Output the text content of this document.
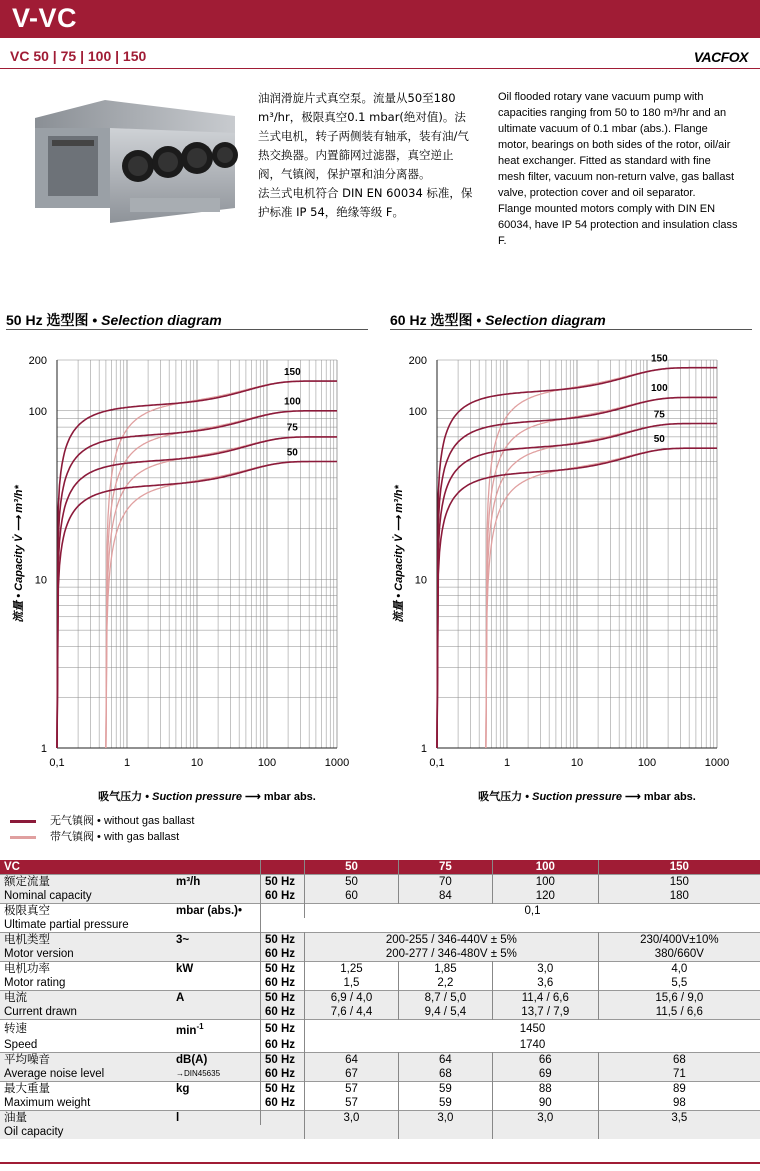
V-VC
VC 50 | 75 | 100 | 150	VACFOX

油润滑旋片式真空泵。流量从50至180 m³/hr，极限真空0.1 mbar(绝对值)。法兰式电机，转子两侧装有轴承，装有油/气热交换器。内置篩网过滤器，真空逆止阀，气镇阀，保护罩和油分离器。

法兰式电机符合 DIN EN 60034 标准，保护标准 IP 54，绝缘等级 F。

Oil flooded rotary vane vacuum pump with capacities ranging from 50 to 180 m³/hr and an ultimate vacuum of 0.1 mbar (abs.). Flange motor, bearings on both sides of the rotor, oil/air heat exchanger. Fitted as standard with fine mesh filter, vacuum non-return valve, gas ballast valve, protection cover and oil separator.

Flange mounted motors comply with DIN EN 60034, have IP 54 protection and insulation class F.

50 Hz 选型图 • Selection diagram	60 Hz 选型图 • Selection diagram
0,1	1	10	100	1000
1
10
100
200
流量 • Capacity V̇ ⟶ m³/h*
吸气压力 • Suction pressure ⟶ mbar abs.
150
100
75
50
0,1	1	10	100	1000
1
10
100
200
流量 • Capacity V̇ ⟶ m³/h*
吸气压力 • Suction pressure ⟶ mbar abs.
150
100
75
50
无气镇阀 • without gas ballast
带气镇阀 • with gas ballast
VC			50	75	100	150
额定流量	m³/h	50 Hz	50	70	100	150
Nominal capacity		60 Hz	60	84	120	180
极限真空	mbar (abs.)•		0,1			
Ultimate partial pressure						
电机类型	3~	50 Hz	200-255 / 346-440V ± 5%			230/400V±10%
Motor version		60 Hz	200-277 / 346-480V ± 5%			380/660V
电机功率	kW	50 Hz	1,25	1,85	3,0	4,0
Motor rating		60 Hz	1,5	2,2	3,6	5,5
电流	A	50 Hz	6,9 / 4,0	8,7 / 5,0	11,4 / 6,6	15,6 / 9,0
Current drawn		60 Hz	7,6 / 4,4	9,4 / 5,4	13,7 / 7,9	11,5 / 6,6
转速	$\min^{-1}$	50 Hz	1450			
Speed		60 Hz	1740			
平均噪音	dB(A)	50 Hz	64	64	66	68
Average noise level	→DIN45635	60 Hz	67	68	69	71
最大重量	kg	50 Hz	57	59	88	89
Maximum weight		60 Hz	57	59	90	98
油量	l		3,0	3,0	3,0	3,5
Oil capacity						
